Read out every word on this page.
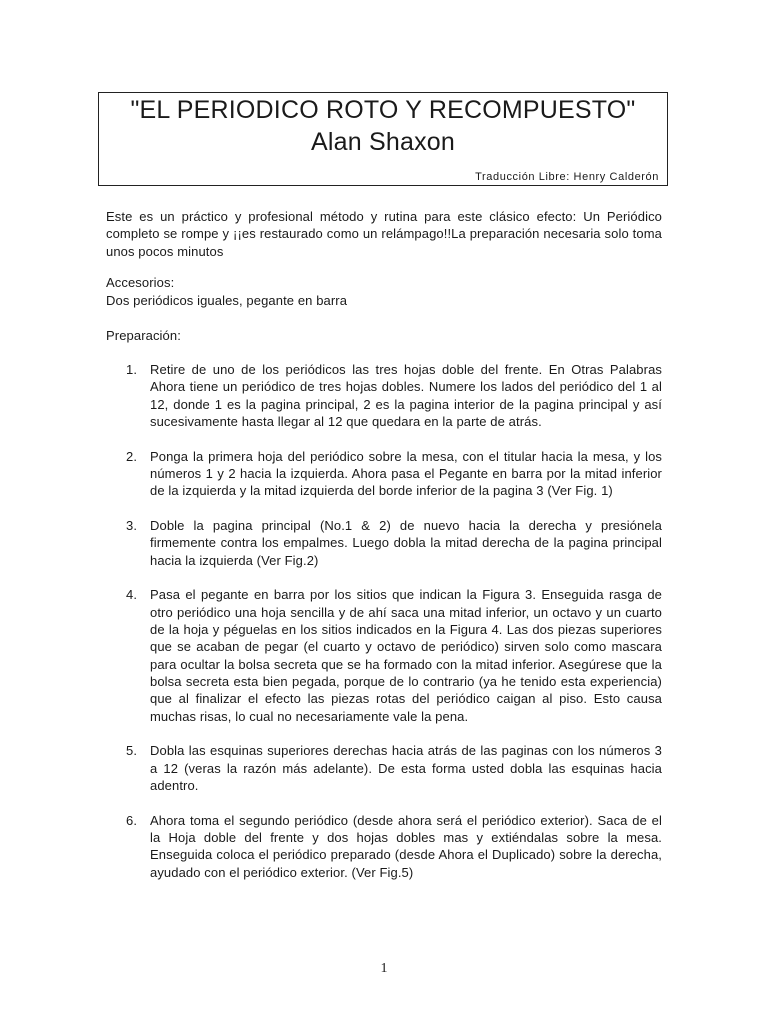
"EL PERIODICO ROTO Y RECOMPUESTO"
Alan Shaxon
Traducción Libre: Henry Calderón
Este es un práctico y profesional método y rutina para este clásico efecto: Un Periódico completo se rompe y ¡¡es restaurado como un relámpago!!La preparación necesaria solo toma unos pocos minutos
Accesorios:
Dos periódicos iguales, pegante en barra
Preparación:
1. Retire de uno de los periódicos las tres hojas doble del frente. En Otras Palabras Ahora tiene un periódico de tres hojas dobles. Numere los lados del periódico del 1 al 12, donde 1 es la pagina principal, 2 es la pagina interior de la pagina principal y así sucesivamente hasta llegar al 12 que quedara en la parte de atrás.
2. Ponga la primera hoja del periódico sobre la mesa, con el titular hacia la mesa, y los números 1 y 2 hacia la izquierda. Ahora pasa el Pegante en barra por la mitad inferior de la izquierda y la mitad izquierda del borde inferior de la pagina 3 (Ver Fig. 1)
3. Doble la pagina principal (No.1 & 2) de nuevo hacia la derecha y presiónela firmemente contra los empalmes. Luego dobla la mitad derecha de la pagina principal hacia la izquierda (Ver Fig.2)
4. Pasa el pegante en barra por los sitios que indican la Figura 3. Enseguida rasga de otro periódico una hoja sencilla y de ahí saca una mitad inferior, un octavo y un cuarto de la hoja y péguelas en los sitios indicados en la Figura 4. Las dos piezas superiores que se acaban de pegar (el cuarto y octavo de periódico) sirven solo como mascara para ocultar la bolsa secreta que se ha formado con la mitad inferior. Asegúrese que la bolsa secreta esta bien pegada, porque de lo contrario (ya he tenido esta experiencia) que al finalizar el efecto las piezas rotas del periódico caigan al piso. Esto causa muchas risas, lo cual no necesariamente vale la pena.
5. Dobla las esquinas superiores derechas hacia atrás de las paginas con los números 3 a 12 (veras la razón más adelante). De esta forma usted dobla las esquinas hacia adentro.
6. Ahora toma el segundo periódico (desde ahora será el periódico exterior). Saca de el la Hoja doble del frente y dos hojas dobles mas y extiéndalas sobre la mesa. Enseguida coloca el periódico preparado (desde Ahora el Duplicado) sobre la derecha, ayudado con el periódico exterior. (Ver Fig.5)
1
